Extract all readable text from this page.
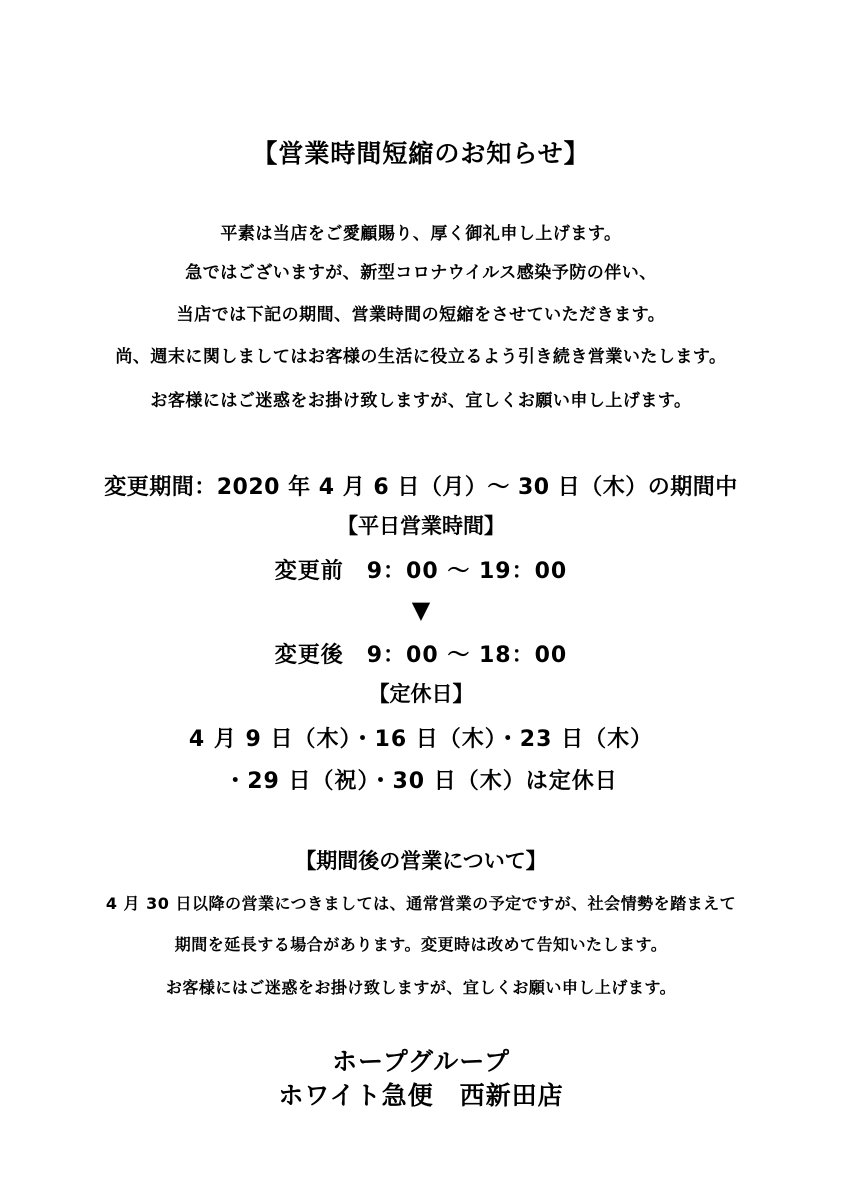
【営業時間短縮のお知らせ】
平素は当店をご愛顧賜り、厚く御礼申し上げます。
急ではございますが、新型コロナウイルス感染予防の伴い、
当店では下記の期間、営業時間の短縮をさせていただきます。
尚、週末に関しましてはお客様の生活に役立るよう引き続き営業いたします。
お客様にはご迷惑をお掛け致しますが、宜しくお願い申し上げます。
変更期間：2020 年 4 月 6 日（月）～ 30 日（木）の期間中
【平日営業時間】
変更前　9：00 ～ 19：00
▼
変更後　9：00 ～ 18：00
【定休日】
4 月 9 日（木）・16 日（木）・23 日（木）
・29 日（祝）・30 日（木）は定休日
【期間後の営業について】
4 月 30 日以降の営業につきましては、通常営業の予定ですが、社会情勢を踏まえて
期間を延長する場合があります。変更時は改めて告知いたします。
お客様にはご迷惑をお掛け致しますが、宜しくお願い申し上げます。
ホープグループ
ホワイト急便　西新田店
